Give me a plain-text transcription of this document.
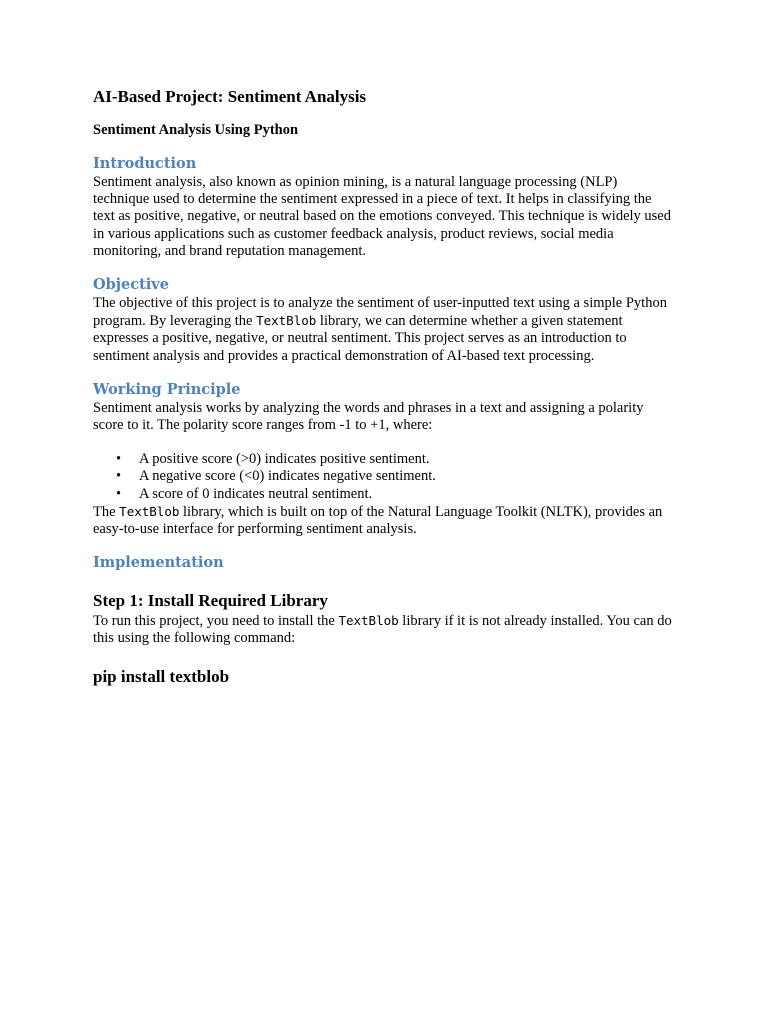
AI-Based Project: Sentiment Analysis
Sentiment Analysis Using Python
Introduction

Sentiment analysis, also known as opinion mining, is a natural language processing (NLP) technique used to determine the sentiment expressed in a piece of text. It helps in classifying the text as positive, negative, or neutral based on the emotions conveyed. This technique is widely used in various applications such as customer feedback analysis, product reviews, social media monitoring, and brand reputation management.

Objective

The objective of this project is to analyze the sentiment of user-inputted text using a simple Python program. By leveraging the TextBlob library, we can determine whether a given statement expresses a positive, negative, or neutral sentiment. This project serves as an introduction to sentiment analysis and provides a practical demonstration of AI-based text processing.

Working Principle

Sentiment analysis works by analyzing the words and phrases in a text and assigning a polarity score to it. The polarity score ranges from -1 to +1, where:

• A positive score (>0) indicates positive sentiment.
• A negative score (<0) indicates negative sentiment.
• A score of 0 indicates neutral sentiment.

The TextBlob library, which is built on top of the Natural Language Toolkit (NLTK), provides an easy-to-use interface for performing sentiment analysis.

Implementation
Step 1: Install Required Library

To run this project, you need to install the TextBlob library if it is not already installed. You can do this using the following command:

pip install textblob
